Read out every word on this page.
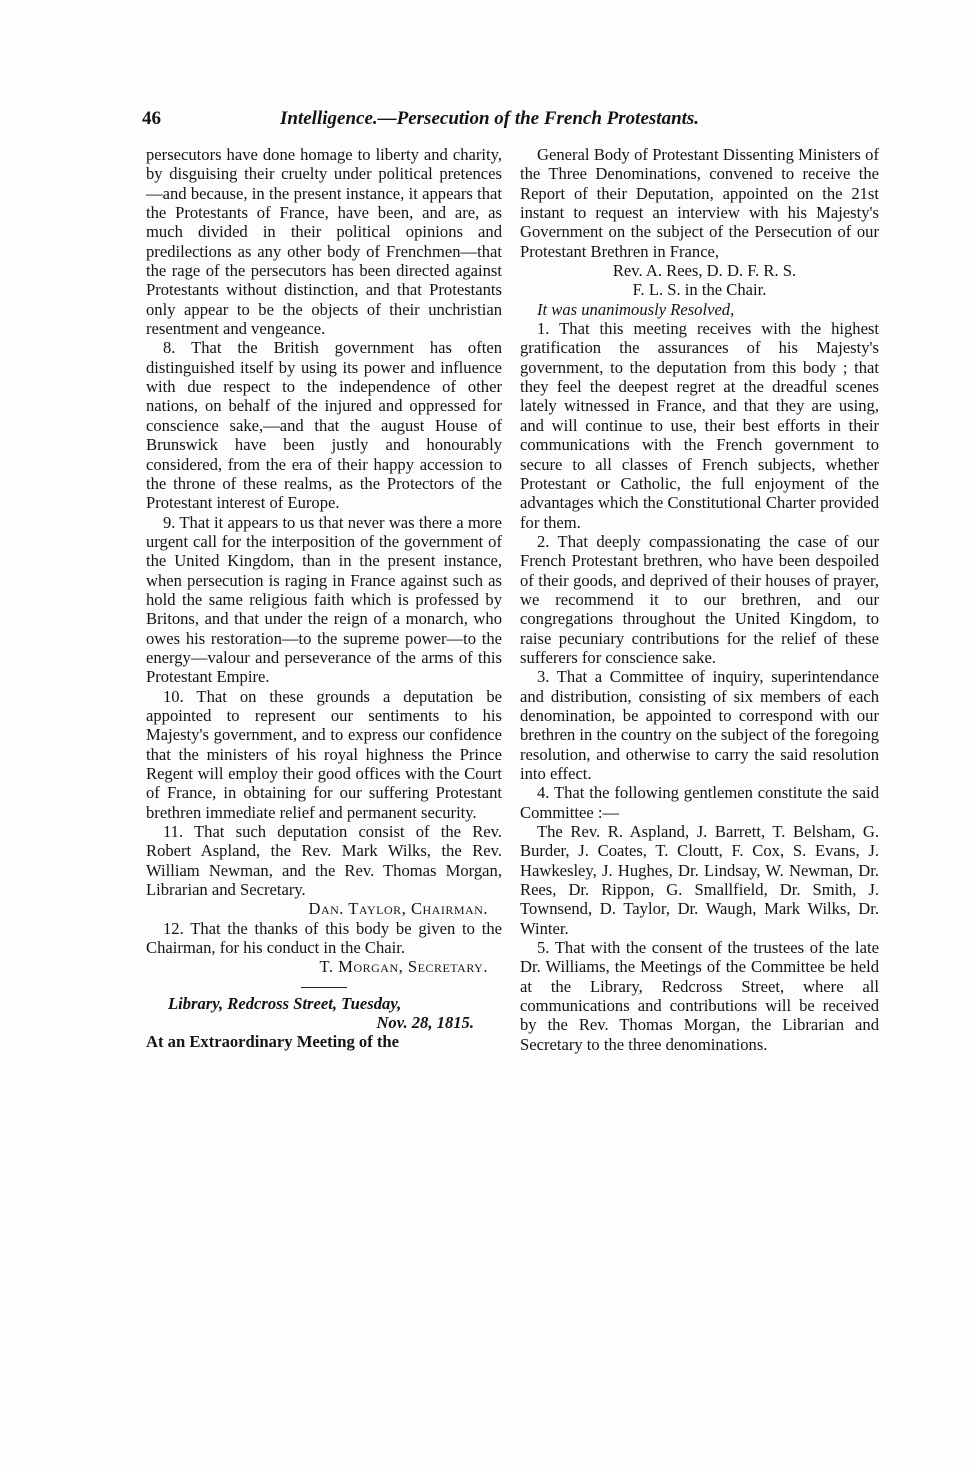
46	Intelligence.—Persecution of the French Protestants.

persecutors have done homage to liberty and charity, by disguising their cruelty under political pretences—and because, in the present instance, it appears that the Protestants of France, have been, and are, as much divided in their political opinions and predilections as any other body of Frenchmen—that the rage of the persecutors has been directed against Protestants without distinction, and that Protestants only appear to be the objects of their unchristian resentment and vengeance.

8. That the British government has often distinguished itself by using its power and influence with due respect to the independence of other nations, on behalf of the injured and oppressed for conscience sake,—and that the august House of Brunswick have been justly and honourably considered, from the era of their happy accession to the throne of these realms, as the Protectors of the Protestant interest of Europe.

9. That it appears to us that never was there a more urgent call for the interposition of the government of the United Kingdom, than in the present instance, when persecution is raging in France against such as hold the same religious faith which is professed by Britons, and that under the reign of a monarch, who owes his restoration—to the supreme power—to the energy—valour and perseverance of the arms of this Protestant Empire.

10. That on these grounds a deputation be appointed to represent our sentiments to his Majesty's government, and to express our confidence that the ministers of his royal highness the Prince Regent will employ their good offices with the Court of France, in obtaining for our suffering Protestant brethren immediate relief and permanent security.

11. That such deputation consist of the Rev. Robert Aspland, the Rev. Mark Wilks, the Rev. William Newman, and the Rev. Thomas Morgan, Librarian and Secretary.

Dan. Taylor, Chairman.

12. That the thanks of this body be given to the Chairman, for his conduct in the Chair.

T. Morgan, Secretary.

Library, Redcross Street, Tuesday,

Nov. 28, 1815.

At an Extraordinary Meeting of the

General Body of Protestant Dissenting Ministers of the Three Denominations, convened to receive the Report of their Deputation, appointed on the 21st instant to request an interview with his Majesty's Government on the subject of the Persecution of our Protestant Brethren in France,

Rev. A. Rees, D. D. F. R. S.

F. L. S. in the Chair.

It was unanimously Resolved,

1. That this meeting receives with the highest gratification the assurances of his Majesty's government, to the deputation from this body ; that they feel the deepest regret at the dreadful scenes lately witnessed in France, and that they are using, and will continue to use, their best efforts in their communications with the French government to secure to all classes of French subjects, whether Protestant or Catholic, the full enjoyment of the advantages which the Constitutional Charter provided for them.

2. That deeply compassionating the case of our French Protestant brethren, who have been despoiled of their goods, and deprived of their houses of prayer, we recommend it to our brethren, and our congregations throughout the United Kingdom, to raise pecuniary contributions for the relief of these sufferers for conscience sake.

3. That a Committee of inquiry, superintendance and distribution, consisting of six members of each denomination, be appointed to correspond with our brethren in the country on the subject of the foregoing resolution, and otherwise to carry the said resolution into effect.

4. That the following gentlemen constitute the said Committee :—

The Rev. R. Aspland, J. Barrett, T. Belsham, G. Burder, J. Coates, T. Cloutt, F. Cox, S. Evans, J. Hawkesley, J. Hughes, Dr. Lindsay, W. Newman, Dr. Rees, Dr. Rippon, G. Smallfield, Dr. Smith, J. Townsend, D. Taylor, Dr. Waugh, Mark Wilks, Dr. Winter.

5. That with the consent of the trustees of the late Dr. Williams, the Meetings of the Committee be held at the Library, Redcross Street, where all communications and contributions will be received by the Rev. Thomas Morgan, the Librarian and Secretary to the three denominations.
